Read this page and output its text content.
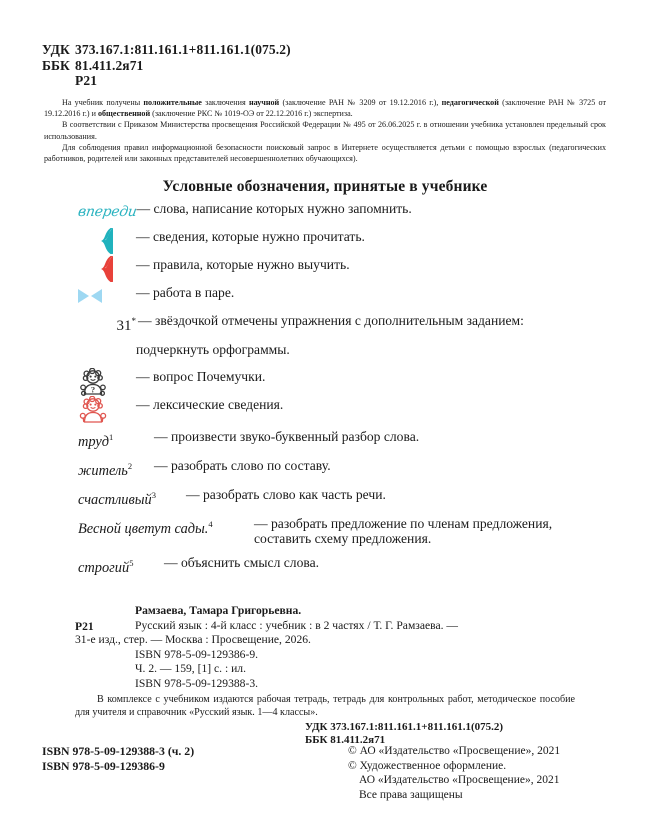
УДК 373.167.1:811.161.1+811.161.1(075.2)
ББК 81.411.2я71
Р21

На учебник получены положительные заключения научной (заключение РАН № 3209 от 19.12.2016 г.), педагогической (заключение РАН № 3725 от 19.12.2016 г.) и общественной (заключение РКС № 1019-ОЭ от 22.12.2016 г.) экспертиза.

В соответствии с Приказом Министерства просвещения Российской Федерации № 495 от 26.06.2025 г. в отношении учебника установлен предельный срок использования.

Для соблюдения правил информационной безопасности поисковый запрос в Интернете осуществляется детьми с помощью взрослых (педагогических работников, родителей или законных представителей несовершеннолетних обучающихся).

Условные обозначения, принятые в учебнике
впереди
— слова, написание которых нужно запомнить.
— сведения, которые нужно прочитать.
— правила, которые нужно выучить.
— работа в паре.
31* — звёздочкой отмечены упражнения с дополнительным заданием:
подчеркнуть орфограммы.
?
— вопрос Почемучки.
— лексические сведения.
труд$^1$	— произвести звуко-буквенный разбор слова.
житель$^2$ — разобрать слово по составу.
счастливый$^3$ — разобрать слово как часть речи.
Весной цветут сады.$^4$	— разобрать предложение по членам предложения, составить схему предложения.
строгий$^5$ — объяснить смысл слова.
Р21
Рамзаева, Тамара Григорьевна.
Русский язык : 4-й класс : учебник : в 2 частях / Т. Г. Рамзаева. —
31-е изд., стер. — Москва : Просвещение, 2026.
ISBN 978-5-09-129386-9.
Ч. 2. — 159, [1] с. : ил.
ISBN 978-5-09-129388-3.
В комплексе с учебником издаются рабочая тетрадь, тетрадь для контрольных работ, методическое пособие для учителя и справочник «Русский язык. 1—4 классы».
УДК 373.167.1:811.161.1+811.161.1(075.2)
ББК 81.411.2я71
ISBN 978-5-09-129388-3 (ч. 2)
ISBN 978-5-09-129386-9
© АО «Издательство «Просвещение», 2021
© Художественное оформление.
АО «Издательство «Просвещение», 2021
Все права защищены
